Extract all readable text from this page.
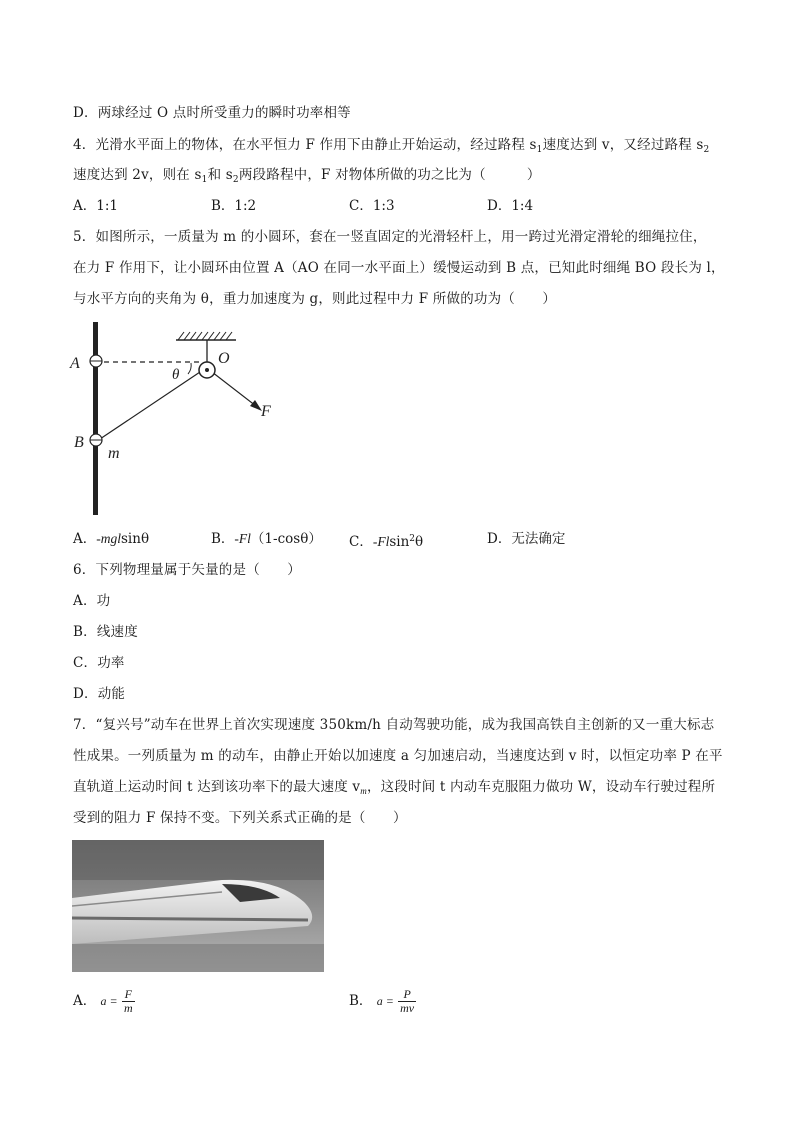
D．两球经过 O 点时所受重力的瞬时功率相等
4．光滑水平面上的物体，在水平恒力 F 作用下由静止开始运动，经过路程 $s_1$速度达到 v，又经过路程 $s_2$
速度达到 2v，则在 $s_1$和 $s_2$两段路程中，F 对物体所做的功之比为（　　　）
A．1:1	B．1:2	C．1:3	D．1:4
5．如图所示，一质量为 m 的小圆环，套在一竖直固定的光滑轻杆上，用一跨过光滑定滑轮的细绳拉住，
在力 F 作用下，让小圆环由位置 A（AO 在同一水平面上）缓慢运动到 B 点，已知此时细绳 BO 段长为 l，
与水平方向的夹角为 θ，重力加速度为 g，则此过程中力 F 所做的功为（　　）
A
B
O
θ
F
m
A．-mglsinθ	B．-Fl（1-cosθ） C．-Flsin$^2$θ	D．无法确定
6．下列物理量属于矢量的是（　　）
A．功
B．线速度
C．功率
D．动能
7．“复兴号”动车在世界上首次实现速度 350km/h 自动驾驶功能，成为我国高铁自主创新的又一重大标志
性成果。一列质量为 m 的动车，由静止开始以加速度 a 匀加速启动，当速度达到 v 时，以恒定功率 P 在平
直轨道上运动时间 t 达到该功率下的最大速度 $v_m$，这段时间 t 内动车克服阻力做功 W，设动车行驶过程所
受到的阻力 F 保持不变。下列关系式正确的是（　　）
A． $a = \frac{F}{m}$	B． $a = \frac{P}{mv}$
